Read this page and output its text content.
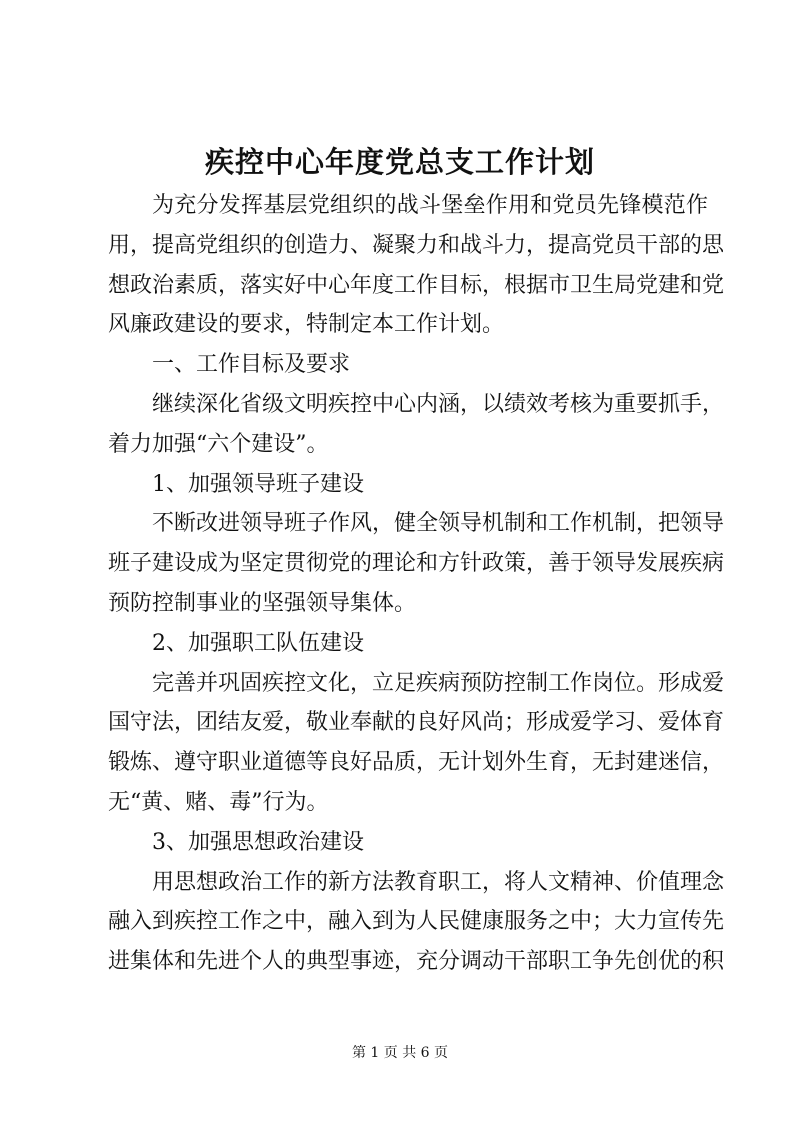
疾控中心年度党总支工作计划
为充分发挥基层党组织的战斗堡垒作用和党员先锋模范作
用，提高党组织的创造力、凝聚力和战斗力，提高党员干部的思
想政治素质，落实好中心年度工作目标，根据市卫生局党建和党
风廉政建设的要求，特制定本工作计划。
一、工作目标及要求
继续深化省级文明疾控中心内涵，以绩效考核为重要抓手，
着力加强“六个建设”。
1、加强领导班子建设
不断改进领导班子作风，健全领导机制和工作机制，把领导
班子建设成为坚定贯彻党的理论和方针政策，善于领导发展疾病
预防控制事业的坚强领导集体。
2、加强职工队伍建设
完善并巩固疾控文化，立足疾病预防控制工作岗位。形成爱
国守法，团结友爱，敬业奉献的良好风尚；形成爱学习、爱体育
锻炼、遵守职业道德等良好品质，无计划外生育，无封建迷信，
无“黄、赌、毒”行为。
3、加强思想政治建设
用思想政治工作的新方法教育职工，将人文精神、价值理念
融入到疾控工作之中，融入到为人民健康服务之中；大力宣传先
进集体和先进个人的典型事迹，充分调动干部职工争先创优的积
第 1 页 共 6 页
